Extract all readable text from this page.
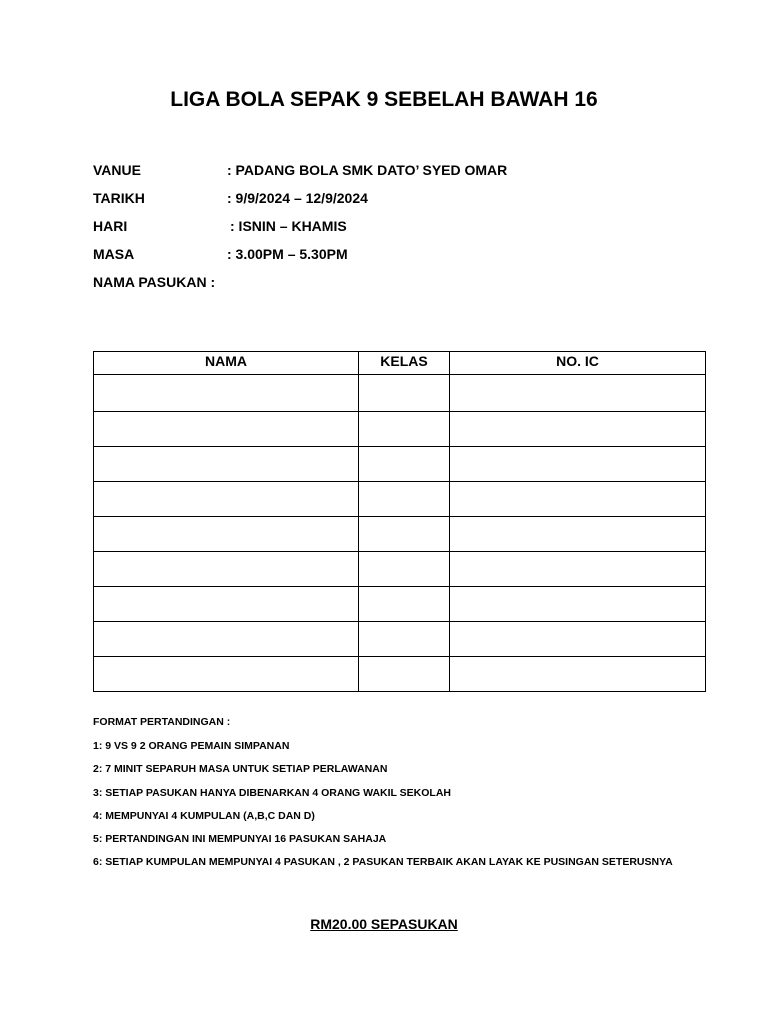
LIGA BOLA SEPAK 9 SEBELAH BAWAH 16
VANUE	: PADANG BOLA SMK DATO’ SYED OMAR
TARIKH	: 9/9/2024 – 12/9/2024
HARI	: ISNIN – KHAMIS
MASA	: 3.00PM – 5.30PM
NAMA PASUKAN :
NAMA	KELAS	NO. IC

FORMAT PERTANDINGAN :
1: 9 VS 9 2 ORANG PEMAIN SIMPANAN
2: 7 MINIT SEPARUH MASA UNTUK SETIAP PERLAWANAN
3: SETIAP PASUKAN HANYA DIBENARKAN 4 ORANG WAKIL SEKOLAH
4: MEMPUNYAI 4 KUMPULAN (A,B,C DAN D)
5: PERTANDINGAN INI MEMPUNYAI 16 PASUKAN SAHAJA
6: SETIAP KUMPULAN MEMPUNYAI 4 PASUKAN , 2 PASUKAN TERBAIK AKAN LAYAK KE PUSINGAN SETERUSNYA
RM20.00 SEPASUKAN
